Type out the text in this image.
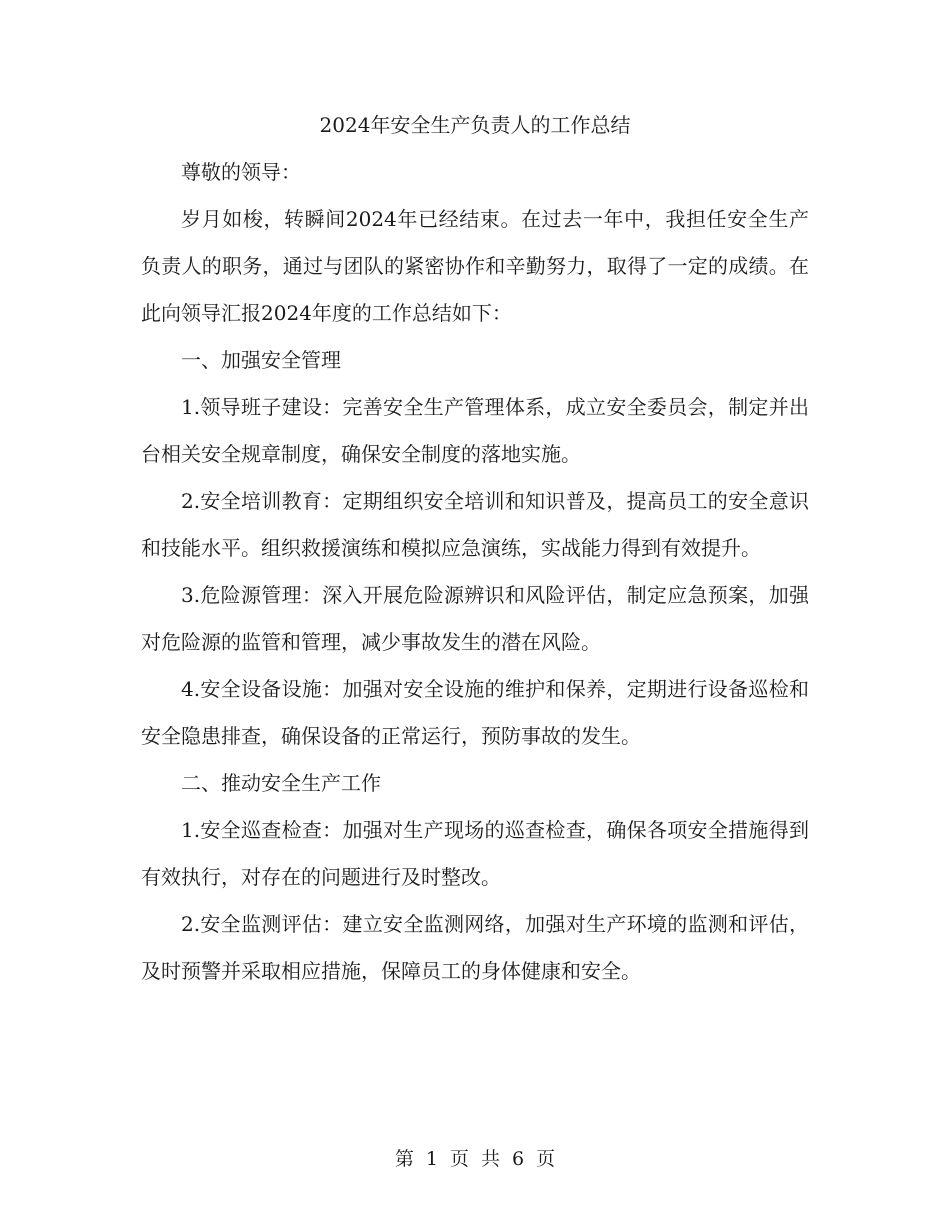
2024年安全生产负责人的工作总结

尊敬的领导：

岁月如梭，转瞬间2024年已经结束。在过去一年中，我担任安全生产负责人的职务，通过与团队的紧密协作和辛勤努力，取得了一定的成绩。在此向领导汇报2024年度的工作总结如下：

一、加强安全管理

1.领导班子建设：完善安全生产管理体系，成立安全委员会，制定并出台相关安全规章制度，确保安全制度的落地实施。

2.安全培训教育：定期组织安全培训和知识普及，提高员工的安全意识和技能水平。组织救援演练和模拟应急演练，实战能力得到有效提升。

3.危险源管理：深入开展危险源辨识和风险评估，制定应急预案，加强对危险源的监管和管理，减少事故发生的潜在风险。

4.安全设备设施：加强对安全设施的维护和保养，定期进行设备巡检和安全隐患排查，确保设备的正常运行，预防事故的发生。

二、推动安全生产工作

1.安全巡查检查：加强对生产现场的巡查检查，确保各项安全措施得到有效执行，对存在的问题进行及时整改。

2.安全监测评估：建立安全监测网络，加强对生产环境的监测和评估，及时预警并采取相应措施，保障员工的身体健康和安全。

第 1 页 共 6 页
